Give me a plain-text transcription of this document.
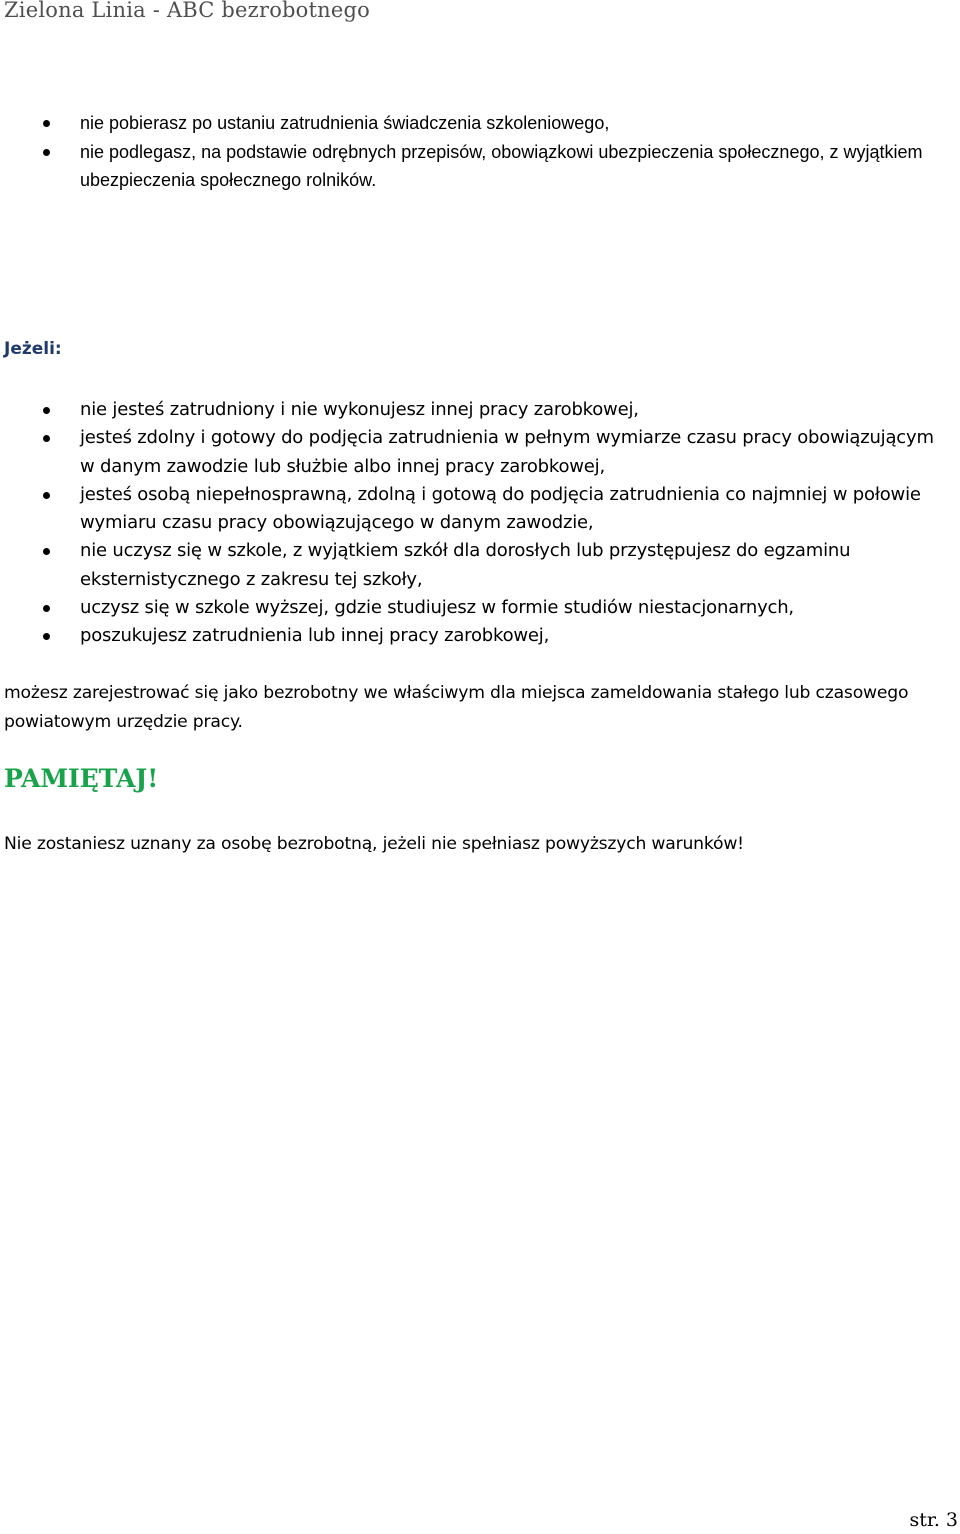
Zielona Linia - ABC bezrobotnego
nie pobierasz po ustaniu zatrudnienia świadczenia szkoleniowego,
nie podlegasz, na podstawie odrębnych przepisów, obowiązkowi ubezpieczenia społecznego, z wyjątkiem ubezpieczenia społecznego rolników.
Jeżeli:
nie jesteś zatrudniony i nie wykonujesz innej pracy zarobkowej,
jesteś zdolny i gotowy do podjęcia zatrudnienia w pełnym wymiarze czasu pracy obowiązującym w danym zawodzie lub służbie albo innej pracy zarobkowej,
jesteś osobą niepełnosprawną, zdolną i gotową do podjęcia zatrudnienia co najmniej w połowie wymiaru czasu pracy obowiązującego w danym zawodzie,
nie uczysz się w szkole, z wyjątkiem szkół dla dorosłych lub przystępujesz do egzaminu eksternistycznego z zakresu tej szkoły,
uczysz się w szkole wyższej, gdzie studiujesz w formie studiów niestacjonarnych,
poszukujesz zatrudnienia lub innej pracy zarobkowej,
możesz zarejestrować się jako bezrobotny we właściwym dla miejsca zameldowania stałego lub czasowego powiatowym urzędzie pracy.
PAMIĘTAJ!
Nie zostaniesz uznany za osobę bezrobotną, jeżeli nie spełniasz powyższych warunków!
str. 3
